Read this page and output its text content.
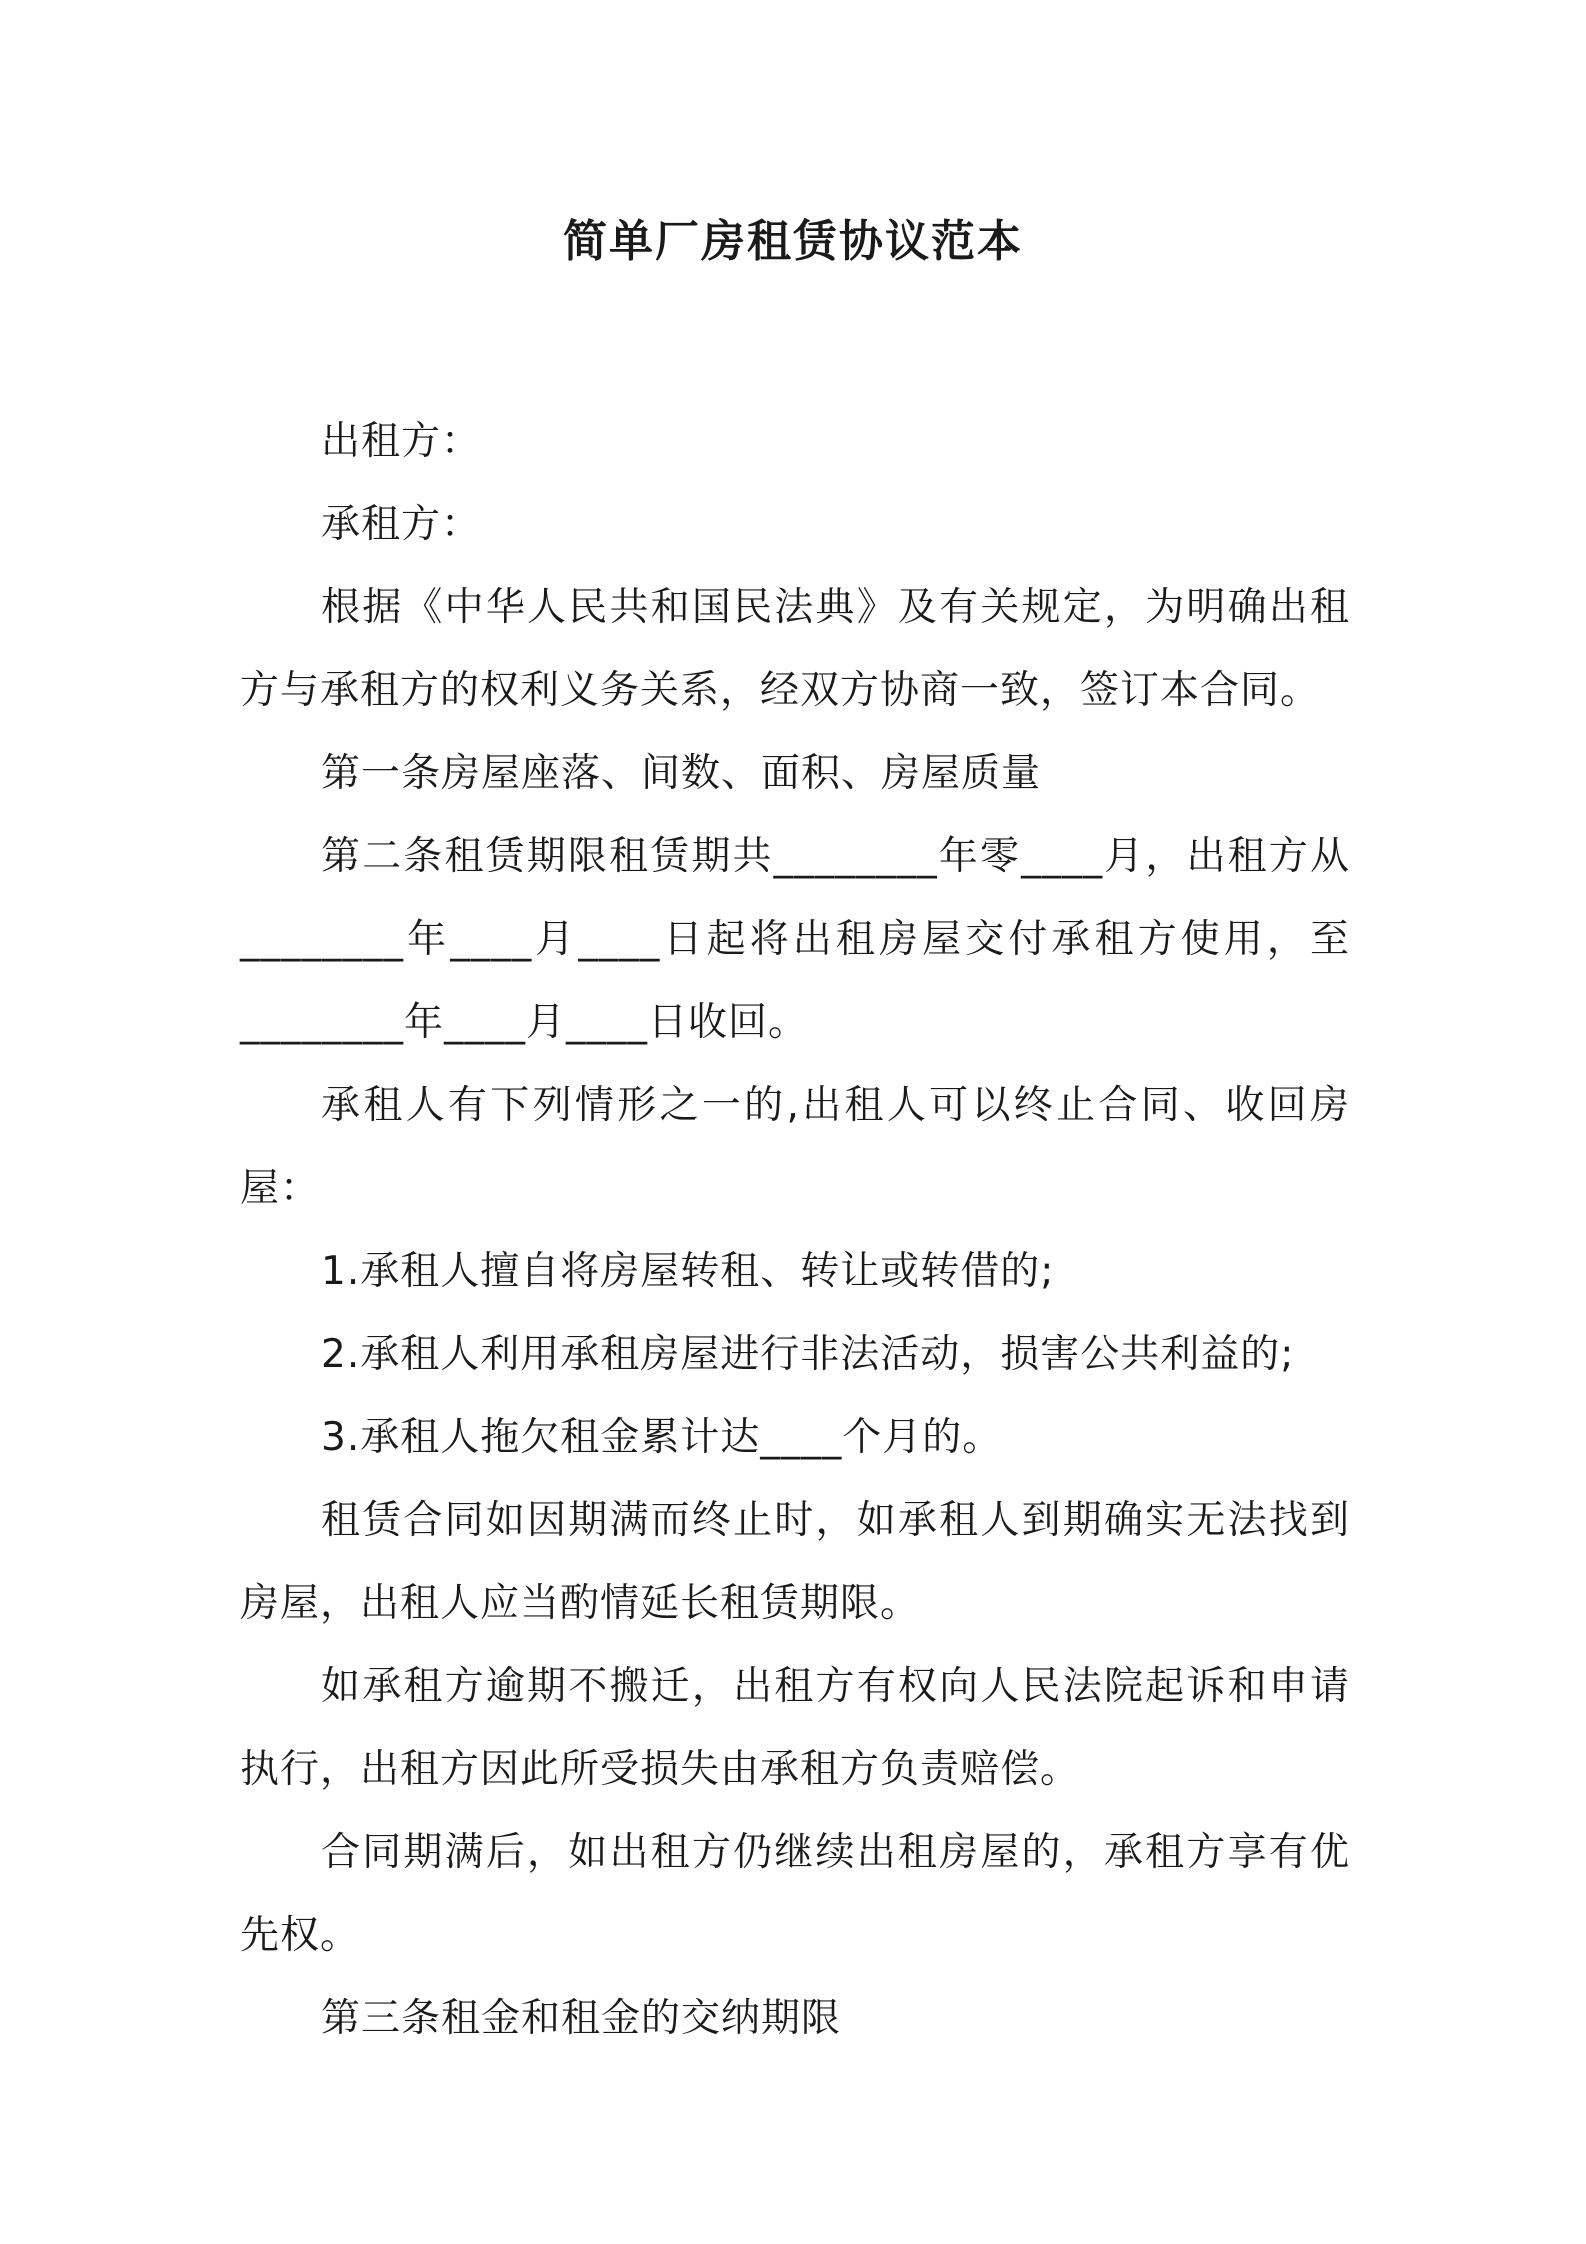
简单厂房租赁协议范本

出租方：

承租方：

根据《中华人民共和国民法典》及有关规定，为明确出租方与承租方的权利义务关系，经双方协商一致，签订本合同。

第一条房屋座落、间数、面积、房屋质量

第二条租赁期限租赁期共________年零____月，出租方从________年____月____日起将出租房屋交付承租方使用，至________年____月____日收回。

承租人有下列情形之一的,出租人可以终止合同、收回房屋：

1.承租人擅自将房屋转租、转让或转借的;

2.承租人利用承租房屋进行非法活动，损害公共利益的;

3.承租人拖欠租金累计达____个月的。

租赁合同如因期满而终止时，如承租人到期确实无法找到房屋，出租人应当酌情延长租赁期限。

如承租方逾期不搬迁，出租方有权向人民法院起诉和申请执行，出租方因此所受损失由承租方负责赔偿。

合同期满后，如出租方仍继续出租房屋的，承租方享有优先权。

第三条租金和租金的交纳期限
